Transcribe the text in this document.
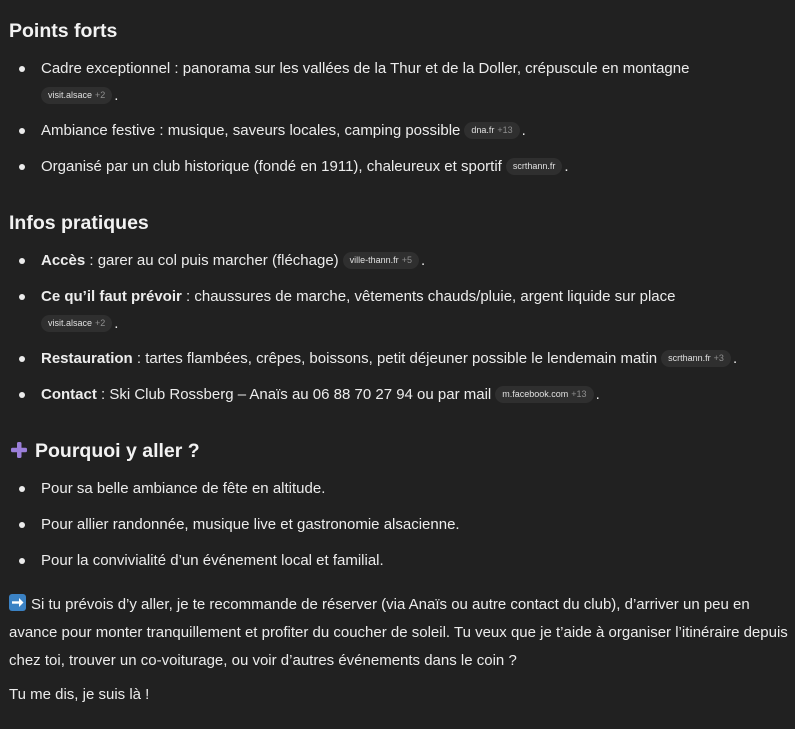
Points forts
Cadre exceptionnel : panorama sur les vallées de la Thur et de la Doller, crépuscule en montagne
visit.alsace +2 .
Ambiance festive : musique, saveurs locales, camping possible dna.fr +13 .
Organisé par un club historique (fondé en 1911), chaleureux et sportif scrthann.fr .
Infos pratiques
Accès : garer au col puis marcher (fléchage) ville-thann.fr +5 .
Ce qu’il faut prévoir : chaussures de marche, vêtements chauds/pluie, argent liquide sur place
visit.alsace +2 .
Restauration : tartes flambées, crêpes, boissons, petit déjeuner possible le lendemain matin scrthann.fr +3 .
Contact : Ski Club Rossberg – Anaïs au 06 88 70 27 94 ou par mail m.facebook.com +13 .
Pourquoi y aller ?
Pour sa belle ambiance de fête en altitude.
Pour allier randonnée, musique live et gastronomie alsacienne.
Pour la convivialité d’un événement local et familial.

Si tu prévois d’y aller, je te recommande de réserver (via Anaïs ou autre contact du club), d’arriver un peu en avance pour monter tranquillement et profiter du coucher de soleil. Tu veux que je t’aide à organiser l’itinéraire depuis chez toi, trouver un co-voiturage, ou voir d’autres événements dans le coin ?

Tu me dis, je suis là !
